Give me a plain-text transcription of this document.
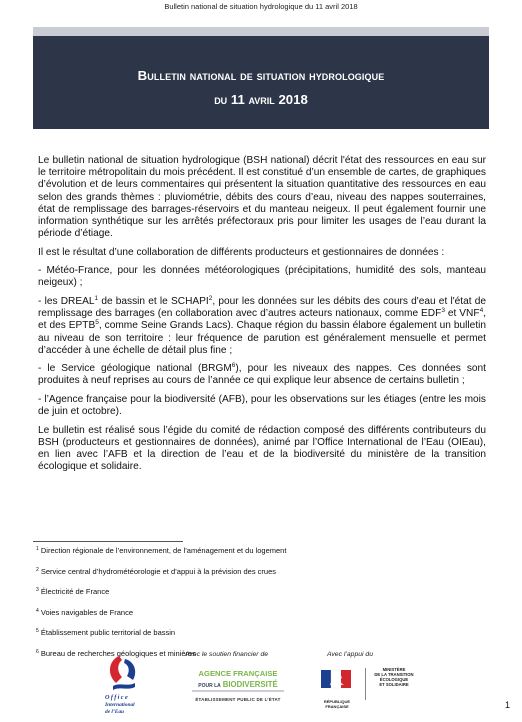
Bulletin national de situation hydrologique du 11 avril 2018
Bulletin national de situation hydrologique
du 11 avril 2018

Le bulletin national de situation hydrologique (BSH national) décrit l'état des ressources en eau sur le territoire métropolitain du mois précédent. Il est constitué d’un ensemble de cartes, de graphiques d’évolution et de leurs commentaires qui présentent la situation quantitative des ressources en eau selon des grands thèmes : pluviométrie, débits des cours d’eau, niveau des nappes souterraines, état de remplissage des barrages-réservoirs et du manteau neigeux. Il peut également fournir une information synthétique sur les arrêtés préfectoraux pris pour limiter les usages de l’eau durant la période d’étiage.

Il est le résultat d’une collaboration de différents producteurs et gestionnaires de données :

- Météo-France, pour les données météorologiques (précipitations, humidité des sols, manteau neigeux) ;

- les DREAL$^1$ de bassin et le SCHAPI$^2$, pour les données sur les débits des cours d'eau et l'état de remplissage des barrages (en collaboration avec d’autres acteurs nationaux, comme EDF$^3$ et VNF$^4$, et des EPTB$^5$, comme Seine Grands Lacs). Chaque région du bassin élabore également un bulletin au niveau de son territoire : leur fréquence de parution est généralement mensuelle et permet d’accéder à une échelle de détail plus fine ;

- le Service géologique national (BRGM$^6$), pour les niveaux des nappes. Ces données sont produites à neuf reprises au cours de l’année ce qui explique leur absence de certains bulletin ;

- l’Agence française pour la biodiversité (AFB), pour les observations sur les étiages (entre les mois de juin et octobre).

Le bulletin est réalisé sous l’égide du comité de rédaction composé des différents contributeurs du BSH (producteurs et gestionnaires de données), animé par l’Office International de l’Eau (OIEau), en lien avec l’AFB et la direction de l’eau et de la biodiversité du ministère de la transition écologique et solidaire.

$^1$ Direction régionale de l’environnement, de l’aménagement et du logement
$^2$ Service central d’hydrométéorologie et d’appui à la prévision des crues
$^3$ Électricité de France
$^4$ Voies navigables de France
$^5$ Établissement public territorial de bassin
$^6$ Bureau de recherches géologiques et minières
Avec le soutien financier de	Avec l’appui du
Office
International
de l’Eau
AGENCE FRANÇAISE
POUR LA BIODIVERSITÉ
ÉTABLISSEMENT PUBLIC DE L’ÉTAT	RÉPUBLIQUE FRANÇAISE
MINISTÈRE
DE LA TRANSITION
ÉCOLOGIQUE
ET SOLIDAIRE
1
